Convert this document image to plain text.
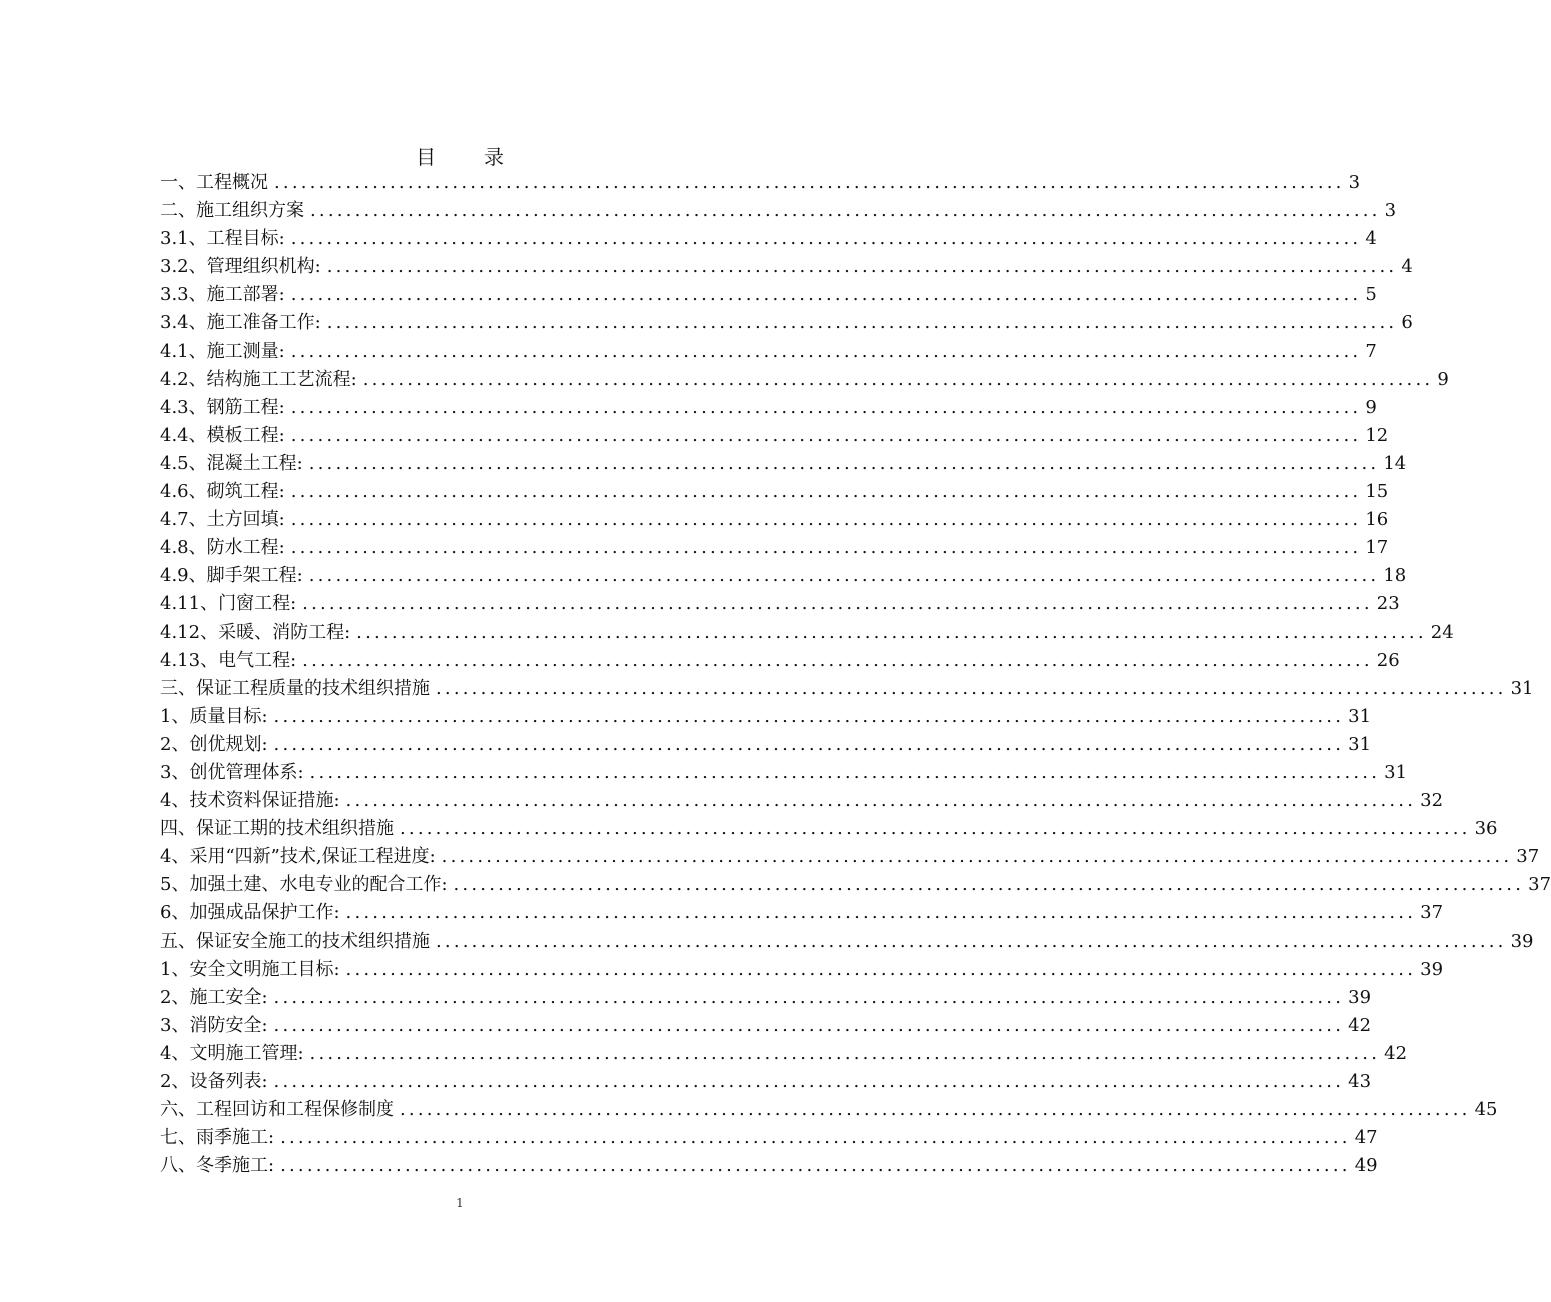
目 录
一、工程概况 ........................................................................................................................ 3
二、施工组织方案 ........................................................................................................................ 3
3.1、工程目标: ........................................................................................................................ 4
3.2、管理组织机构: ........................................................................................................................ 4
3.3、施工部署: ........................................................................................................................ 5
3.4、施工准备工作: ........................................................................................................................ 6
4.1、施工测量: ........................................................................................................................ 7
4.2、结构施工工艺流程: ........................................................................................................................ 9
4.3、钢筋工程: ........................................................................................................................ 9
4.4、模板工程: ........................................................................................................................ 12
4.5、混凝土工程: ........................................................................................................................ 14
4.6、砌筑工程: ........................................................................................................................ 15
4.7、土方回填: ........................................................................................................................ 16
4.8、防水工程: ........................................................................................................................ 17
4.9、脚手架工程: ........................................................................................................................ 18
4.11、门窗工程: ........................................................................................................................ 23
4.12、采暖、消防工程: ........................................................................................................................ 24
4.13、电气工程: ........................................................................................................................ 26
三、保证工程质量的技术组织措施 ........................................................................................................................ 31
1、质量目标: ........................................................................................................................ 31
2、创优规划: ........................................................................................................................ 31
3、创优管理体系: ........................................................................................................................ 31
4、技术资料保证措施: ........................................................................................................................ 32
四、保证工期的技术组织措施 ........................................................................................................................ 36
4、采用“四新”技术,保证工程进度: ........................................................................................................................ 37
5、加强土建、水电专业的配合工作: ........................................................................................................................ 37
6、加强成品保护工作: ........................................................................................................................ 37
五、保证安全施工的技术组织措施 ........................................................................................................................ 39
1、安全文明施工目标: ........................................................................................................................ 39
2、施工安全: ........................................................................................................................ 39
3、消防安全: ........................................................................................................................ 42
4、文明施工管理: ........................................................................................................................ 42
2、设备列表: ........................................................................................................................ 43
六、工程回访和工程保修制度 ........................................................................................................................ 45
七、雨季施工: ........................................................................................................................ 47
八、冬季施工: ........................................................................................................................ 49
1
